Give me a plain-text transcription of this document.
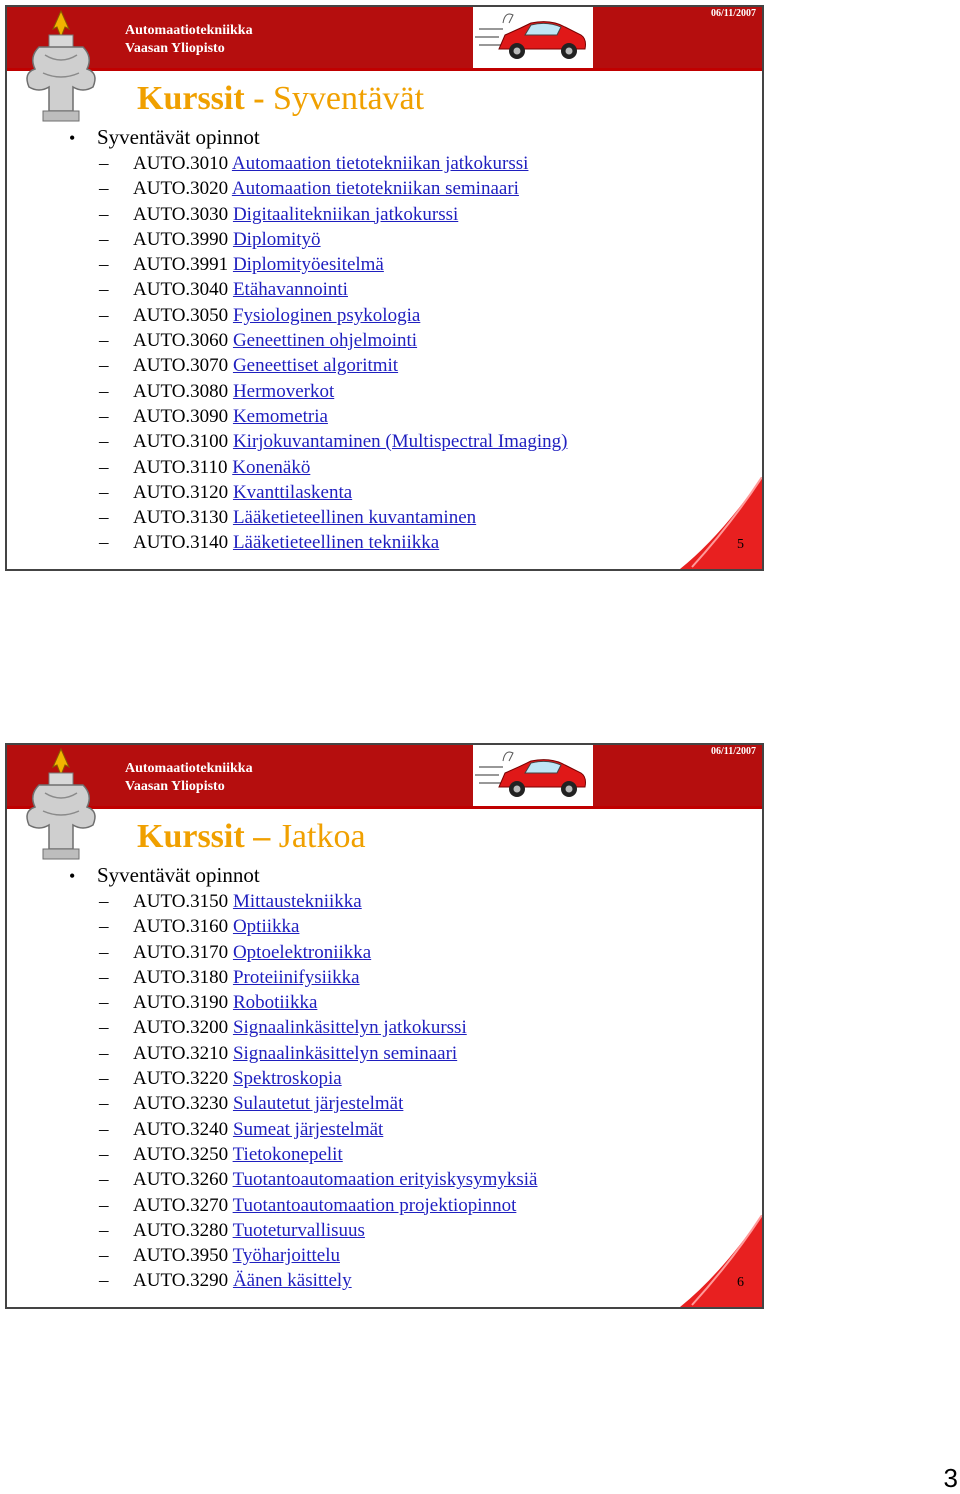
Automaatiotekniikka
Vaasan Yliopisto
06/11/2007
Kurssit - Syventävät
• Syventävät opinnot
– AUTO.3010 Automaation tietotekniikan jatkokurssi
– AUTO.3020 Automaation tietotekniikan seminaari
– AUTO.3030 Digitaalitekniikan jatkokurssi
– AUTO.3990 Diplomityö
– AUTO.3991 Diplomityöesitelmä
– AUTO.3040 Etähavannointi
– AUTO.3050 Fysiologinen psykologia
– AUTO.3060 Geneettinen ohjelmointi
– AUTO.3070 Geneettiset algoritmit
– AUTO.3080 Hermoverkot
– AUTO.3090 Kemometria
– AUTO.3100 Kirjokuvantaminen (Multispectral Imaging)
– AUTO.3110 Konenäkö
– AUTO.3120 Kvanttilaskenta
– AUTO.3130 Lääketieteellinen kuvantaminen
– AUTO.3140 Lääketieteellinen tekniikka	5
Automaatiotekniikka
Vaasan Yliopisto
06/11/2007
Kurssit – Jatkoa
• Syventävät opinnot
– AUTO.3150 Mittaustekniikka
– AUTO.3160 Optiikka
– AUTO.3170 Optoelektroniikka
– AUTO.3180 Proteiinifysiikka
– AUTO.3190 Robotiikka
– AUTO.3200 Signaalinkäsittelyn jatkokurssi
– AUTO.3210 Signaalinkäsittelyn seminaari
– AUTO.3220 Spektroskopia
– AUTO.3230 Sulautetut järjestelmät
– AUTO.3240 Sumeat järjestelmät
– AUTO.3250 Tietokonepelit
– AUTO.3260 Tuotantoautomaation erityiskysymyksiä
– AUTO.3270 Tuotantoautomaation projektiopinnot
– AUTO.3280 Tuoteturvallisuus
– AUTO.3950 Työharjoittelu
– AUTO.3290 Äänen käsittely	6
3
